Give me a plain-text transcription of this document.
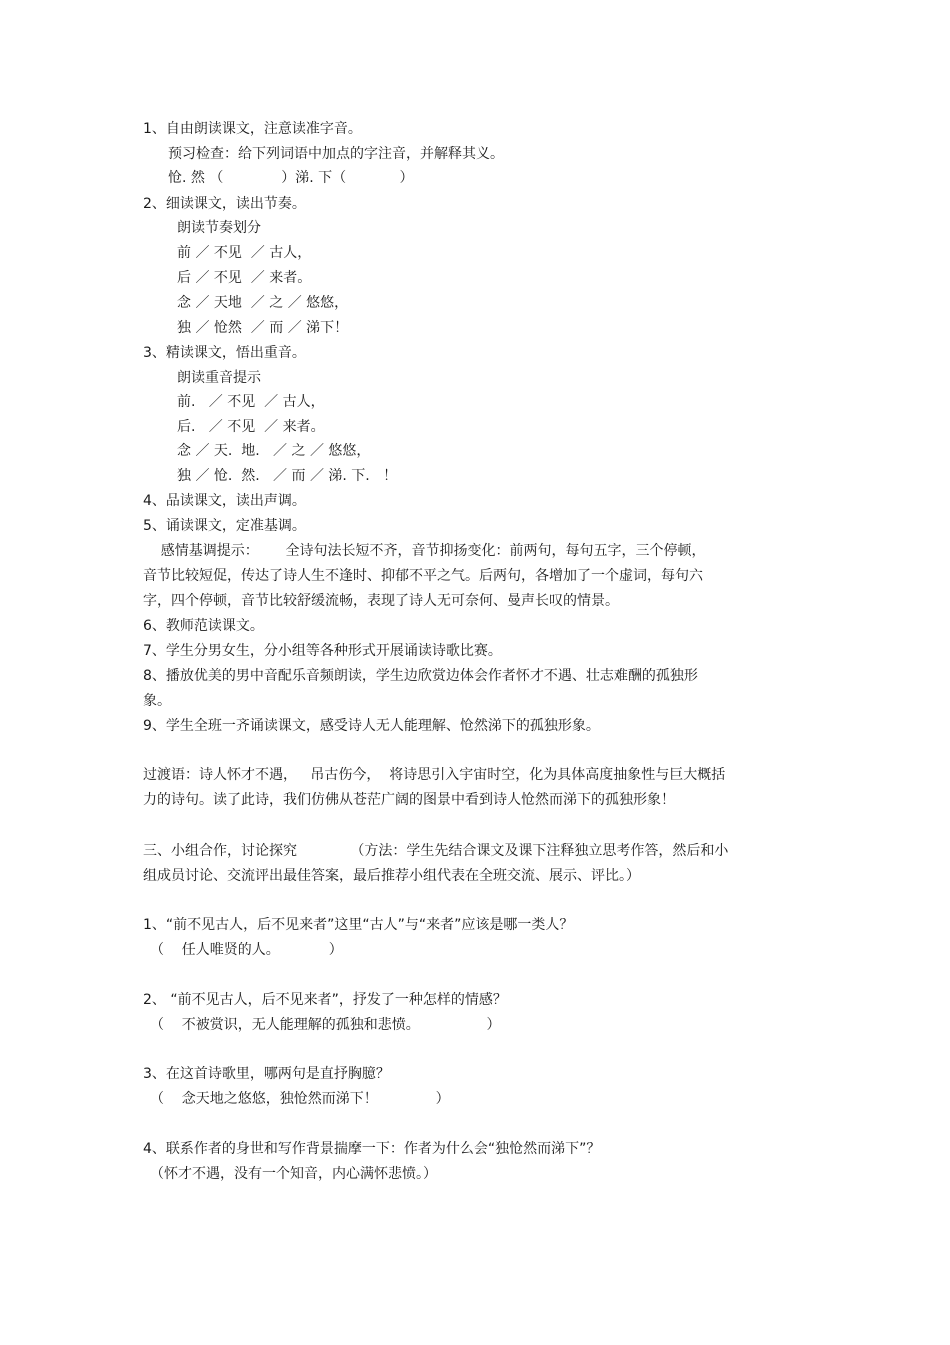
1、自由朗读课文，注意读准字音。
预习检查：给下列词语中加点的字注音，并解释其义。
怆. 然 （             ）涕. 下（            ）
2、细读课文，读出节奏。
朗读节奏划分
前 ／ 不见  ／ 古人，
后 ／ 不见  ／ 来者。
念 ／ 天地  ／ 之 ／ 悠悠，
独 ／ 怆然  ／ 而 ／ 涕下！
3、精读课文，悟出重音。
朗读重音提示
前.   ／ 不见  ／ 古人，
后.   ／ 不见  ／ 来者。
念 ／ 天.  地.   ／ 之 ／ 悠悠，
独 ／ 怆.  然.   ／ 而 ／ 涕. 下.   ！
4、品读课文，读出声调。
5、诵读课文，定准基调。
感情基调提示：      全诗句法长短不齐，音节抑扬变化：前两句，每句五字，三个停顿，
音节比较短促，传达了诗人生不逢时、抑郁不平之气。后两句，各增加了一个虚词，每句六
字，四个停顿，音节比较舒缓流畅，表现了诗人无可奈何、曼声长叹的情景。
6、教师范读课文。
7、学生分男女生，分小组等各种形式开展诵读诗歌比赛。
8、播放优美的男中音配乐音频朗读，学生边欣赏边体会作者怀才不遇、壮志难酬的孤独形
象。
9、学生全班一齐诵读课文，感受诗人无人能理解、怆然涕下的孤独形象。
过渡语：诗人怀才不遇，   吊古伤今，  将诗思引入宇宙时空，化为具体高度抽象性与巨大概括
力的诗句。读了此诗，我们仿佛从苍茫广阔的图景中看到诗人怆然而涕下的孤独形象！
三、小组合作，讨论探究            （方法：学生先结合课文及课下注释独立思考作答，然后和小
组成员讨论、交流评出最佳答案，最后推荐小组代表在全班交流、展示、评比。）
1、“前不见古人，后不见来者”这里“古人”与“来者”应该是哪一类人？
（    任人唯贤的人。           ）
2、 “前不见古人，后不见来者”，抒发了一种怎样的情感？
（    不被赏识，无人能理解的孤独和悲愤。               ）
3、在这首诗歌里，哪两句是直抒胸臆？
（    念天地之悠悠，独怆然而涕下！             ）
4、联系作者的身世和写作背景揣摩一下：作者为什么会“独怆然而涕下”？
（怀才不遇，没有一个知音，内心满怀悲愤。）
